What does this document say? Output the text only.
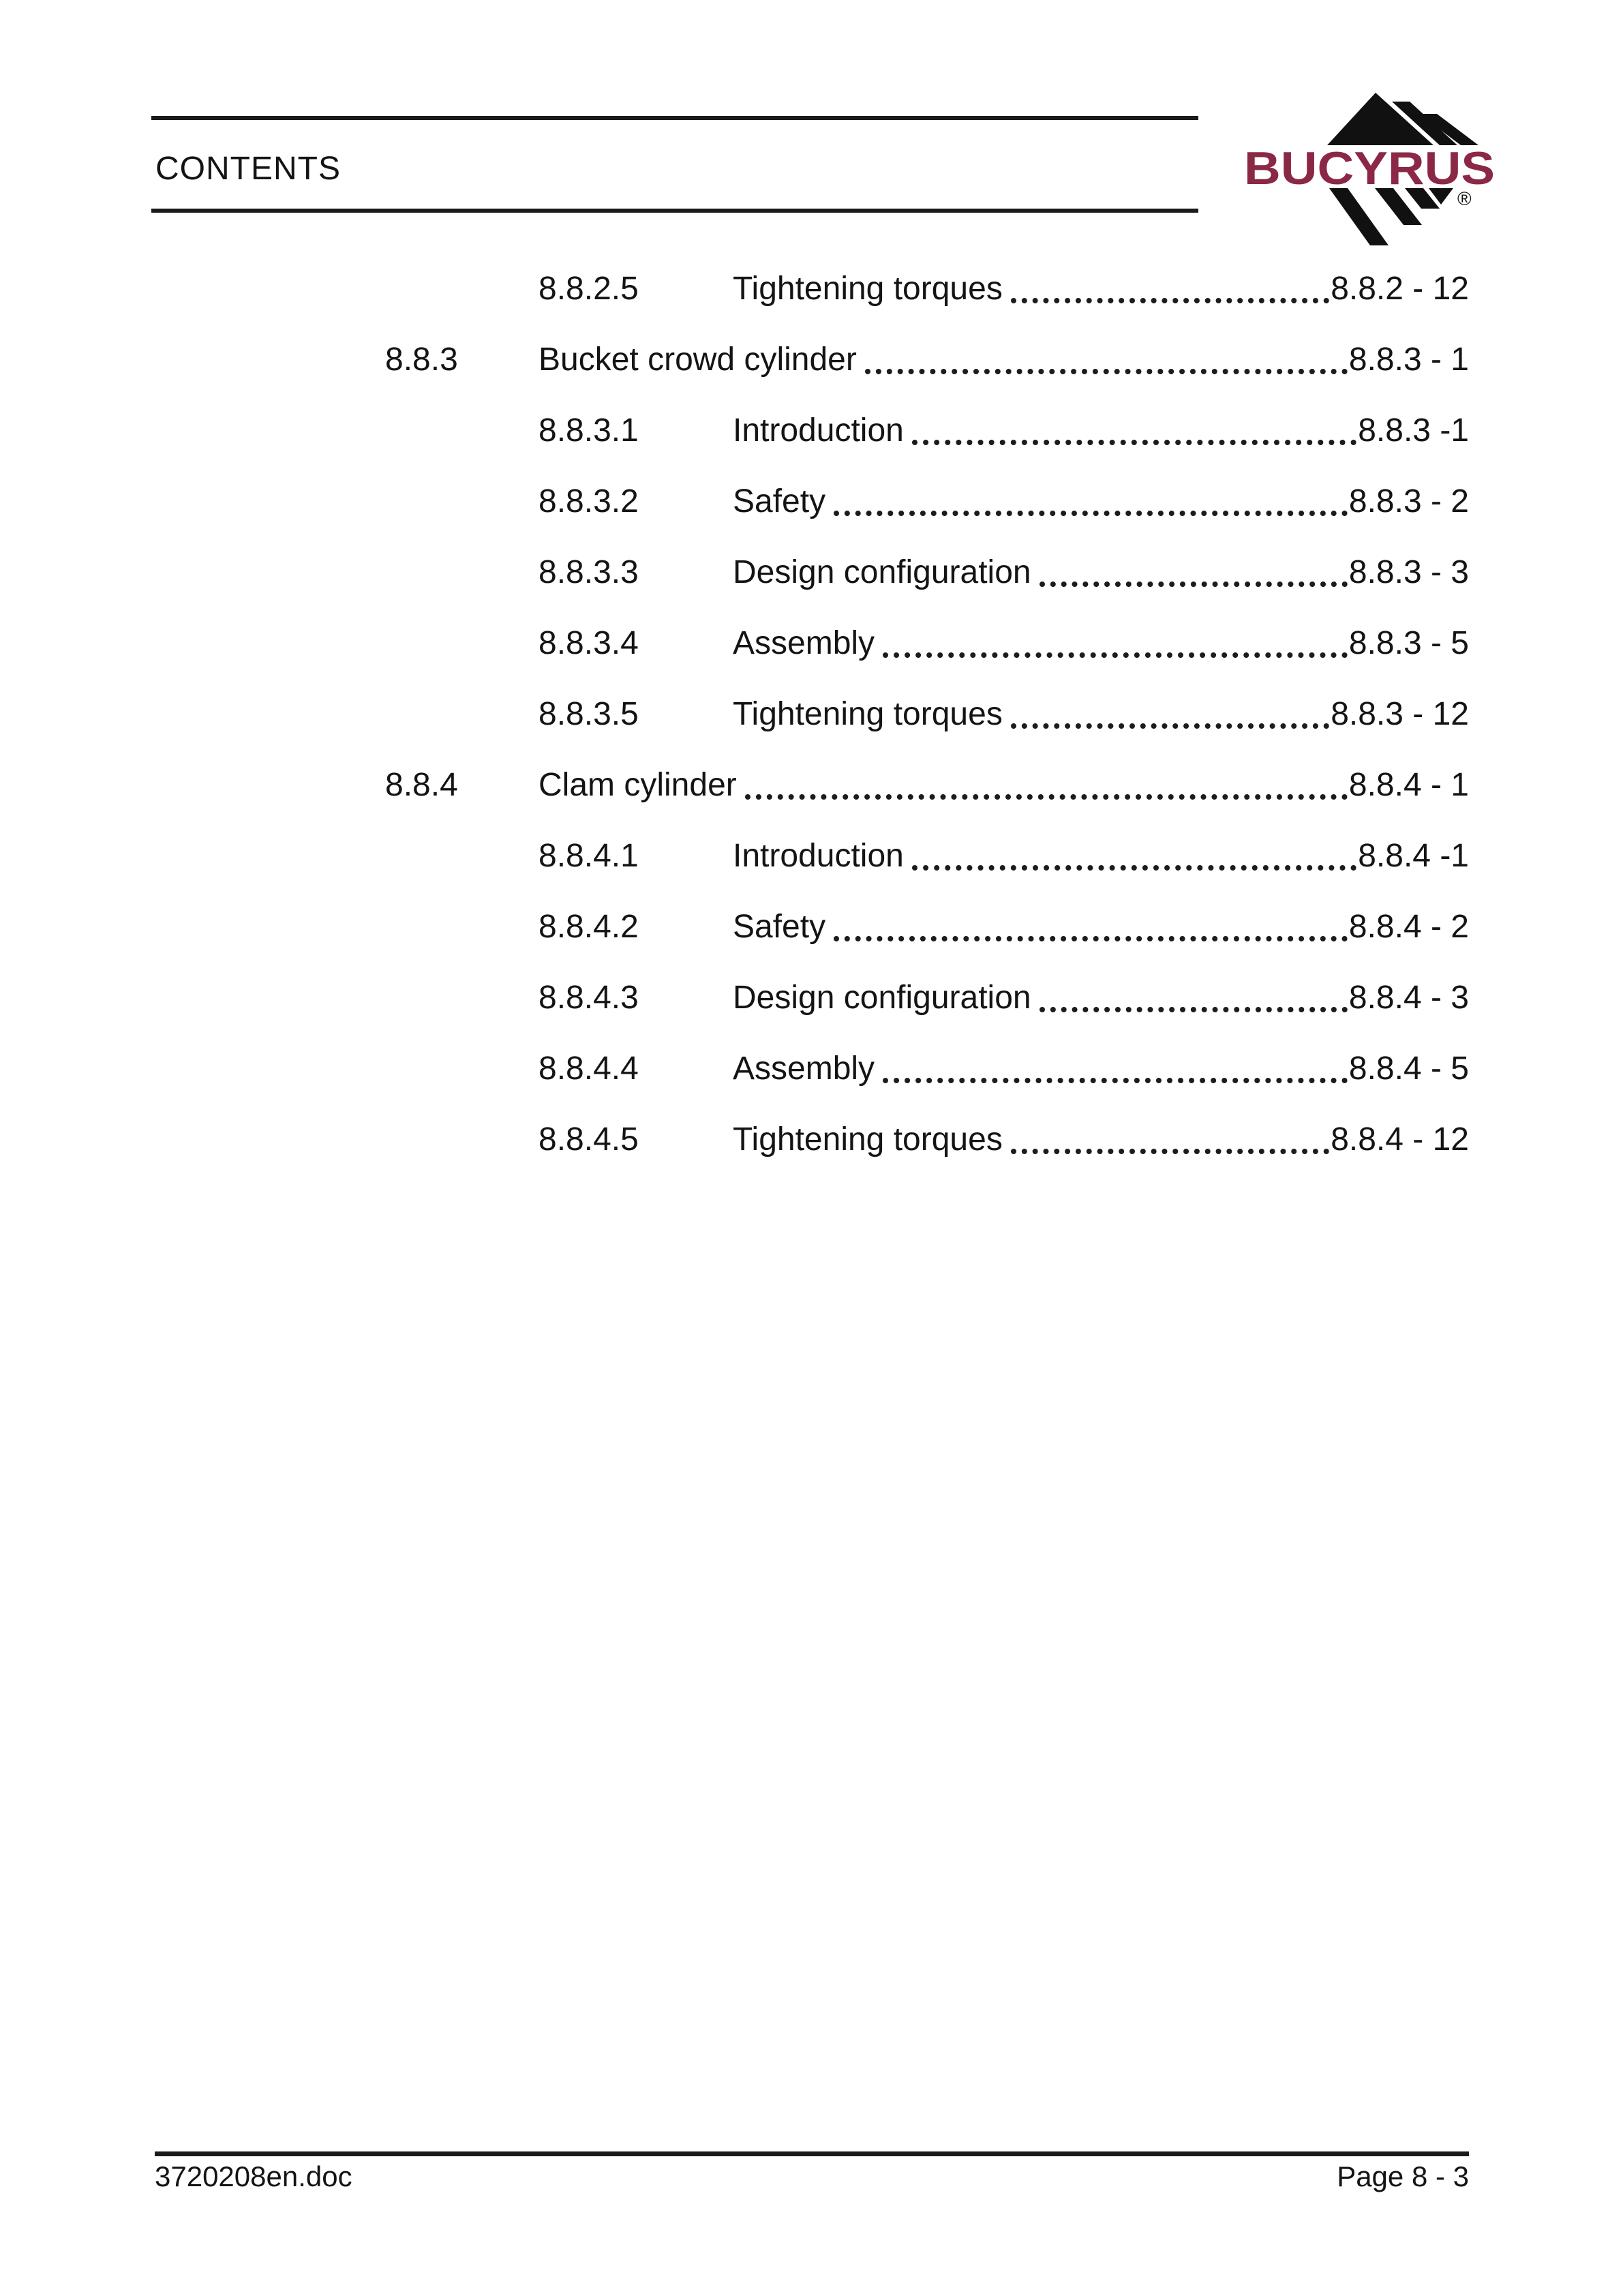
CONTENTS	BUCYRUS
®
8.8.2.5	Tightening torques	8.8.2 - 12
8.8.3	Bucket crowd cylinder	8.8.3 - 1
8.8.3.1	Introduction	8.8.3 -1
8.8.3.2	Safety	8.8.3 - 2
8.8.3.3	Design configuration	8.8.3 - 3
8.8.3.4	Assembly	8.8.3 - 5
8.8.3.5	Tightening torques	8.8.3 - 12
8.8.4	Clam cylinder	8.8.4 - 1
8.8.4.1	Introduction	8.8.4 -1
8.8.4.2	Safety	8.8.4 - 2
8.8.4.3	Design configuration	8.8.4 - 3
8.8.4.4	Assembly	8.8.4 - 5
8.8.4.5	Tightening torques	8.8.4 - 12
3720208en.doc	Page 8 - 3
